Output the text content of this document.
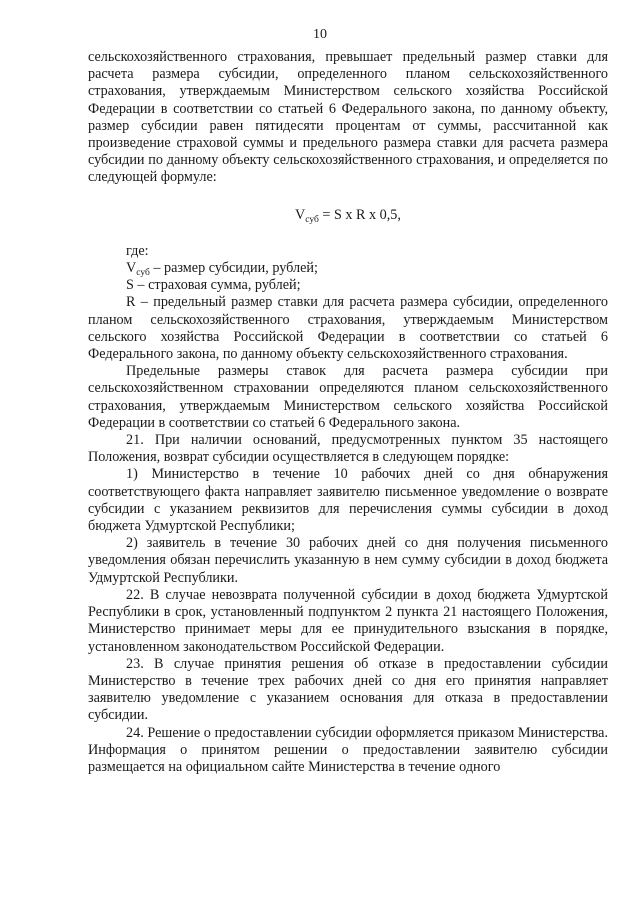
10

сельскохозяйственного страхования, превышает предельный размер ставки для расчета размера субсидии, определенного планом сельскохозяйственного страхования, утверждаемым Министерством сельского хозяйства Российской Федерации в соответствии со статьей 6 Федерального закона, по данному объекту, размер субсидии равен пятидесяти процентам от суммы, рассчитанной как произведение страховой суммы и предельного размера ставки для расчета размера субсидии по данному объекту сельскохозяйственного страхования, и определяется по следующей формуле:

$V_{суб} = S$ x R x 0,5,

где:

$V_{суб}$ – размер субсидии, рублей;

S – страховая сумма, рублей;

R – предельный размер ставки для расчета размера субсидии, определенного планом сельскохозяйственного страхования, утверждаемым Министерством сельского хозяйства Российской Федерации в соответствии со статьей 6 Федерального закона, по данному объекту сельскохозяйственного страхования.

Предельные размеры ставок для расчета размера субсидии при сельскохозяйственном страховании определяются планом сельскохозяйственного страхования, утверждаемым Министерством сельского хозяйства Российской Федерации в соответствии со статьей 6 Федерального закона.

21. При наличии оснований, предусмотренных пунктом 35 настоящего Положения, возврат субсидии осуществляется в следующем порядке:

1) Министерство в течение 10 рабочих дней со дня обнаружения соответствующего факта направляет заявителю письменное уведомление о возврате субсидии с указанием реквизитов для перечисления суммы субсидии в доход бюджета Удмуртской Республики;

2) заявитель в течение 30 рабочих дней со дня получения письменного уведомления обязан перечислить указанную в нем сумму субсидии в доход бюджета Удмуртской Республики.

22. В случае невозврата полученной субсидии в доход бюджета Удмуртской Республики в срок, установленный подпунктом 2 пункта 21 настоящего Положения, Министерство принимает меры для ее принудительного взыскания в порядке, установленном законодательством Российской Федерации.

23. В случае принятия решения об отказе в предоставлении субсидии Министерство в течение трех рабочих дней со дня его принятия направляет заявителю уведомление с указанием основания для отказа в предоставлении субсидии.

24. Решение о предоставлении субсидии оформляется приказом Министерства. Информация о принятом решении о предоставлении заявителю субсидии размещается на официальном сайте Министерства в течение одного
